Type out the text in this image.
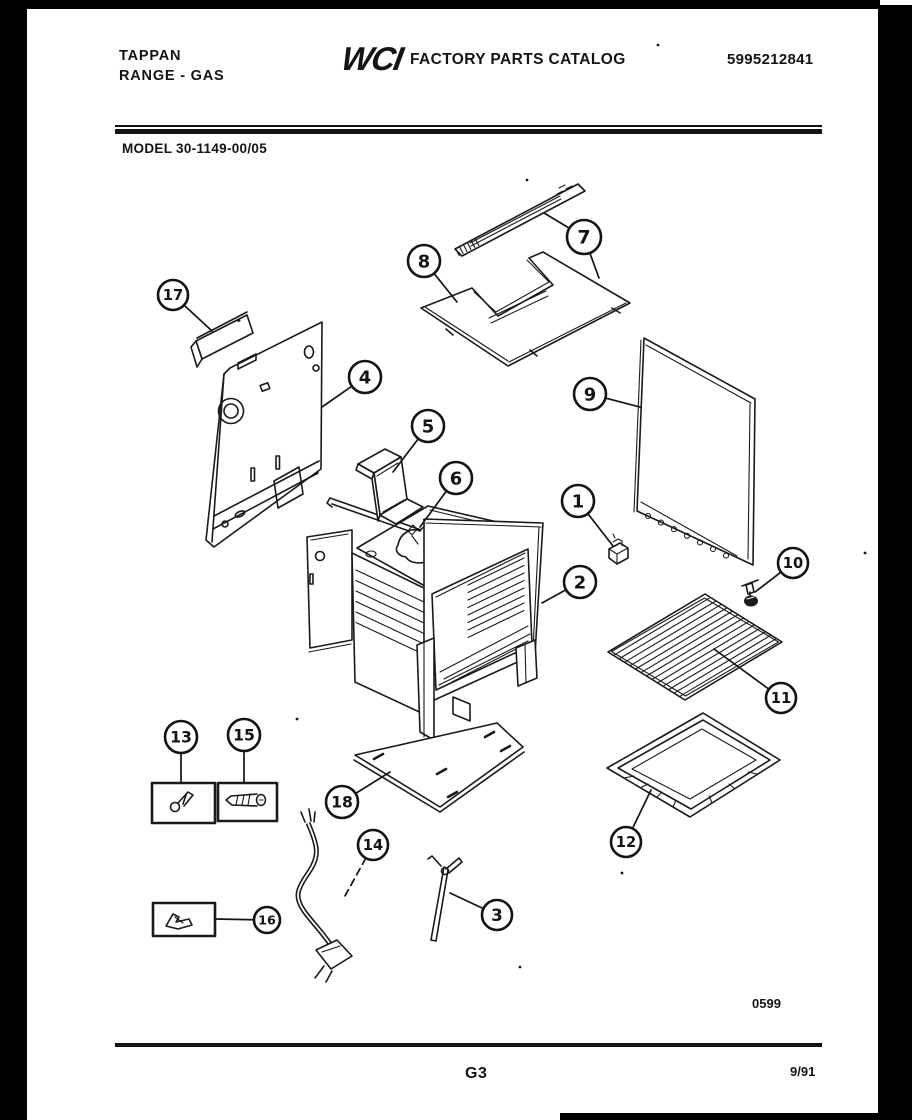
TAPPAN
RANGE - GAS	WCI FACTORY PARTS CATALOG	5995212841
MODEL 30-1149-00/05
0599
G3	9/91
1
2
3
4
5
6
7
8
9
10
11
12
13
14
15
16
17
18
